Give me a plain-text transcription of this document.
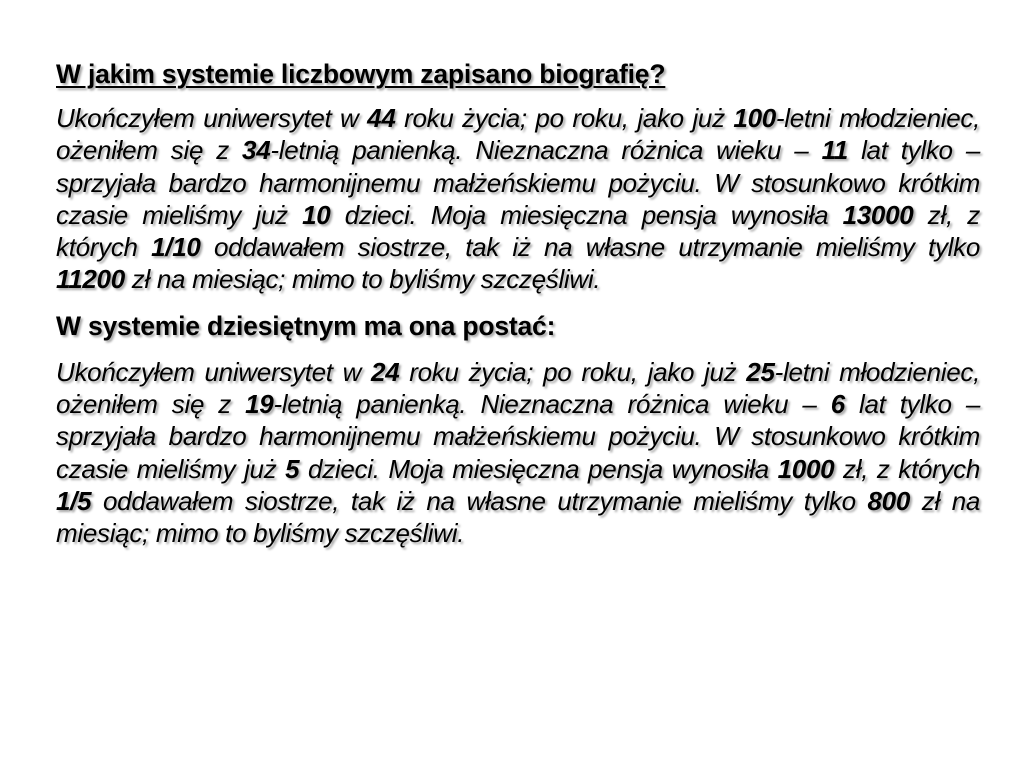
W jakim systemie liczbowym zapisano biografię?

Ukończyłem uniwersytet w 44 roku życia; po roku, jako już 100-letni młodzieniec, ożeniłem się z 34-letnią panienką. Nieznaczna różnica wieku – 11 lat tylko – sprzyjała bardzo harmonijnemu małżeńskiemu pożyciu. W stosunkowo krótkim czasie mieliśmy już 10 dzieci. Moja miesięczna pensja wynosiła 13000 zł, z których 1/10 oddawałem siostrze, tak iż na własne utrzymanie mieliśmy tylko 11200 zł na miesiąc; mimo to byliśmy szczęśliwi.

W systemie dziesiętnym ma ona postać:

Ukończyłem uniwersytet w 24 roku życia; po roku, jako już 25-letni młodzieniec, ożeniłem się z 19-letnią panienką. Nieznaczna różnica wieku – 6 lat tylko – sprzyjała bardzo harmonijnemu małżeńskiemu pożyciu. W stosunkowo krótkim czasie mieliśmy już 5 dzieci. Moja miesięczna pensja wynosiła 1000 zł, z których 1/5 oddawałem siostrze, tak iż na własne utrzymanie mieliśmy tylko 800 zł na miesiąc; mimo to byliśmy szczęśliwi.
